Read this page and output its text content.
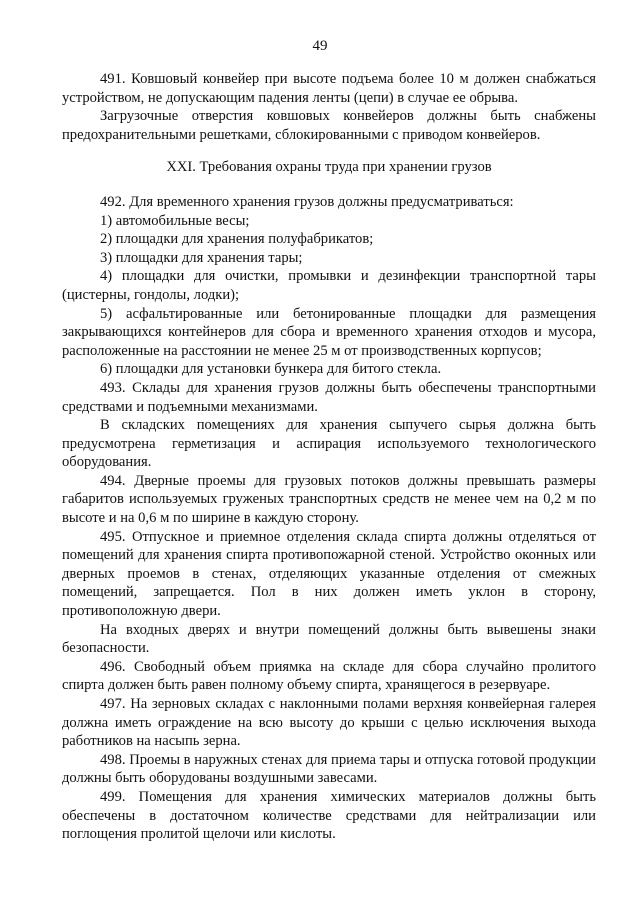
49

491. Ковшовый конвейер при высоте подъема более 10 м должен снабжаться устройством, не допускающим падения ленты (цепи) в случае ее обрыва.

Загрузочные отверстия ковшовых конвейеров должны быть снабжены предохранительными решетками, сблокированными с приводом конвейеров.

XXI. Требования охраны труда при хранении грузов

492. Для временного хранения грузов должны предусматриваться:

1) автомобильные весы;

2) площадки для хранения полуфабрикатов;

3) площадки для хранения тары;

4) площадки для очистки, промывки и дезинфекции транспортной тары (цистерны, гондолы, лодки);

5) асфальтированные или бетонированные площадки для размещения закрывающихся контейнеров для сбора и временного хранения отходов и мусора, расположенные на расстоянии не менее 25 м от производственных корпусов;

6) площадки для установки бункера для битого стекла.

493. Склады для хранения грузов должны быть обеспечены транспортными средствами и подъемными механизмами.

В складских помещениях для хранения сыпучего сырья должна быть предусмотрена герметизация и аспирация используемого технологического оборудования.

494. Дверные проемы для грузовых потоков должны превышать размеры габаритов используемых груженых транспортных средств не менее чем на 0,2 м по высоте и на 0,6 м по ширине в каждую сторону.

495. Отпускное и приемное отделения склада спирта должны отделяться от помещений для хранения спирта противопожарной стеной. Устройство оконных или дверных проемов в стенах, отделяющих указанные отделения от смежных помещений, запрещается. Пол в них должен иметь уклон в сторону, противоположную двери.

На входных дверях и внутри помещений должны быть вывешены знаки безопасности.

496. Свободный объем приямка на складе для сбора случайно пролитого спирта должен быть равен полному объему спирта, хранящегося в резервуаре.

497. На зерновых складах с наклонными полами верхняя конвейерная галерея должна иметь ограждение на всю высоту до крыши с целью исключения выхода работников на насыпь зерна.

498. Проемы в наружных стенах для приема тары и отпуска готовой продукции должны быть оборудованы воздушными завесами.

499. Помещения для хранения химических материалов должны быть обеспечены в достаточном количестве средствами для нейтрализации или поглощения пролитой щелочи или кислоты.
